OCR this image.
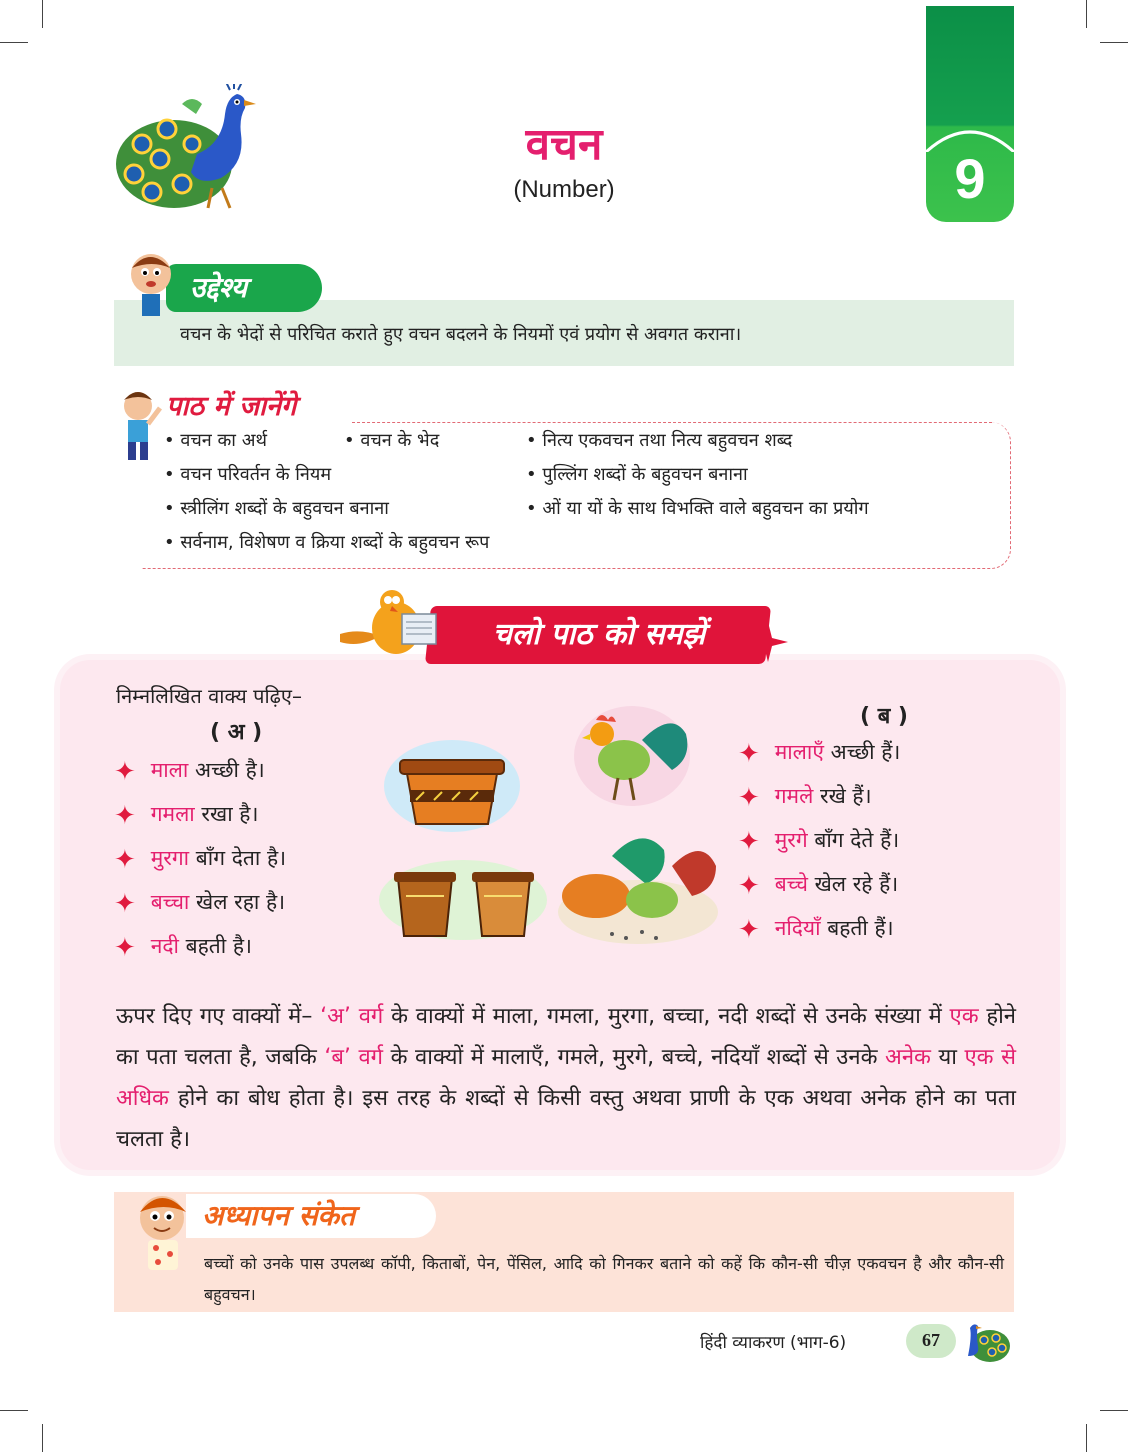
वचन
(Number)	9
उद्देश्य
वचन के भेदों से परिचित कराते हुए वचन बदलने के नियमों एवं प्रयोग से अवगत कराना।
पाठ में जानेंगे
• वचन का अर्थ	• वचन के भेद	• नित्य एकवचन तथा नित्य बहुवचन शब्द
• वचन परिवर्तन के नियम	• पुल्लिंग शब्दों के बहुवचन बनाना
• स्त्रीलिंग शब्दों के बहुवचन बनाना	• ओं या यों के साथ विभक्ति वाले बहुवचन का प्रयोग
• सर्वनाम, विशेषण व क्रिया शब्दों के बहुवचन रूप
चलो पाठ को समझें
निम्नलिखित वाक्य पढ़िए–
( अ )
✦ माला अच्छी है।
✦ गमला रखा है।
✦ मुरगा बाँग देता है।
✦ बच्चा खेल रहा है।
✦ नदी बहती है।
( ब )
✦ मालाएँ अच्छी हैं।
✦ गमले रखे हैं।
✦ मुरगे बाँग देते हैं।
✦ बच्चे खेल रहे हैं।
✦ नदियाँ बहती हैं।
ऊपर दिए गए वाक्यों में– ‘अ’ वर्ग के वाक्यों में माला, गमला, मुरगा, बच्चा, नदी शब्दों से उनके संख्या में एक होने का पता चलता है, जबकि ‘ब’ वर्ग के वाक्यों में मालाएँ, गमले, मुरगे, बच्चे, नदियाँ शब्दों से उनके अनेक या एक से अधिक होने का बोध होता है। इस तरह के शब्दों से किसी वस्तु अथवा प्राणी के एक अथवा अनेक होने का पता चलता है।
अध्यापन संकेत
बच्चों को उनके पास उपलब्ध कॉपी, किताबों, पेन, पेंसिल, आदि को गिनकर बताने को कहें कि कौन-सी चीज़ एकवचन है और कौन-सी बहुवचन।
हिंदी व्याकरण (भाग-6)	67
